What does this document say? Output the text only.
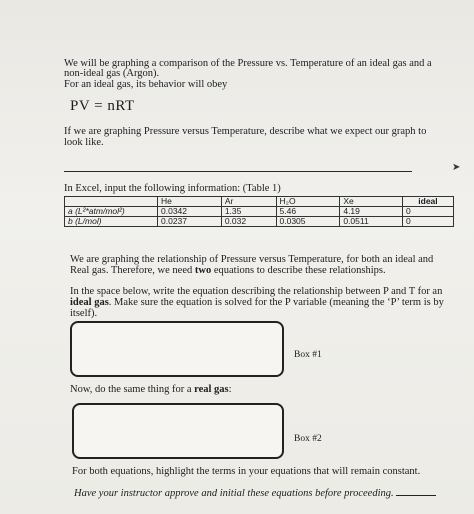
We will be graphing a comparison of the Pressure vs. Temperature of an ideal gas and a
non-ideal gas (Argon).
For an ideal gas, its behavior will obey
PV = nRT
If we are graphing Pressure versus Temperature, describe what we expect our graph to
look like.
➤
In Excel, input the following information: (Table 1)
	He	Ar	H₂O	Xe	ideal
a (L²*atm/mol²)	0.0342	1.35	5.46	4.19	0
b (L/mol)	0.0237	0.032	0.0305	0.0511	0
We are graphing the relationship of Pressure versus Temperature, for both an ideal and
Real gas. Therefore, we need two equations to describe these relationships.
In the space below, write the equation describing the relationship between P and T for an
ideal gas. Make sure the equation is solved for the P variable (meaning the ‘P’ term is by
itself).
Box #1
Now, do the same thing for a real gas:
Box #2
For both equations, highlight the terms in your equations that will remain constant.
Have your instructor approve and initial these equations before proceeding.
